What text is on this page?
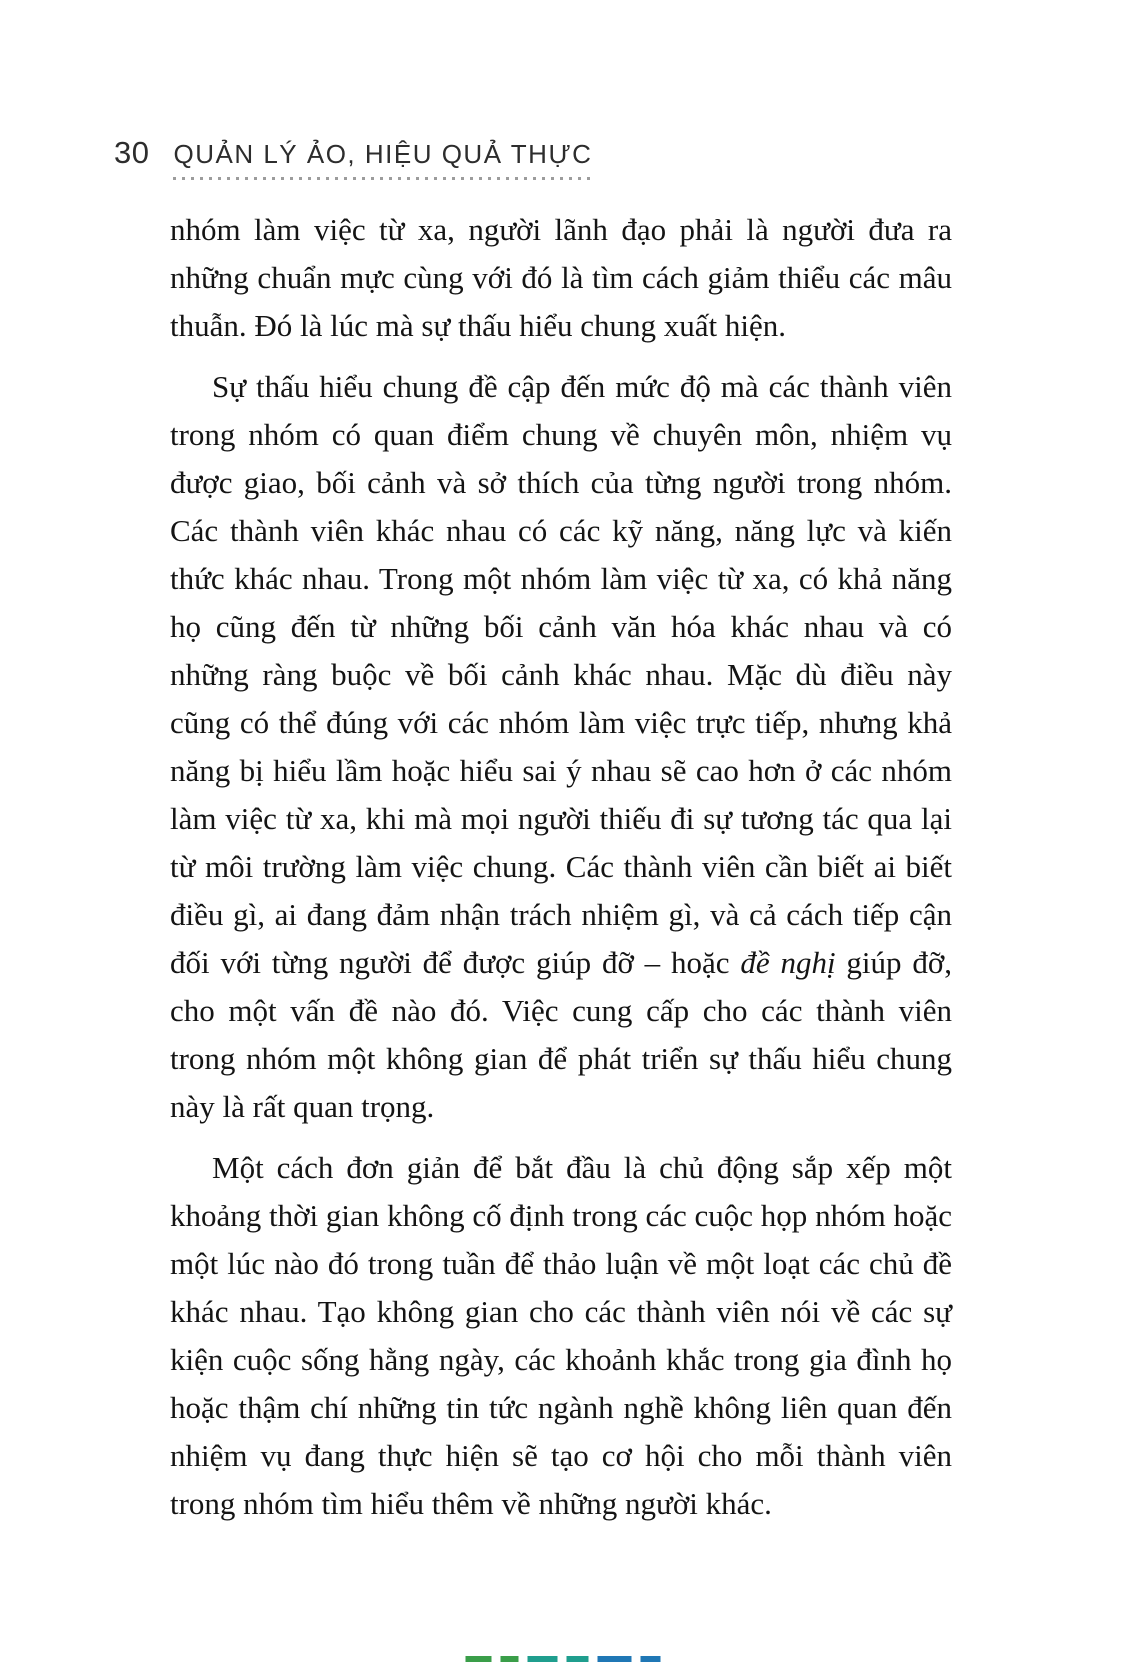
30 QUẢN LÝ ẢO, HIỆU QUẢ THỰC

nhóm làm việc từ xa, người lãnh đạo phải là người đưa ra những chuẩn mực cùng với đó là tìm cách giảm thiểu các mâu thuẫn. Đó là lúc mà sự thấu hiểu chung xuất hiện.

Sự thấu hiểu chung đề cập đến mức độ mà các thành viên trong nhóm có quan điểm chung về chuyên môn, nhiệm vụ được giao, bối cảnh và sở thích của từng người trong nhóm. Các thành viên khác nhau có các kỹ năng, năng lực và kiến thức khác nhau. Trong một nhóm làm việc từ xa, có khả năng họ cũng đến từ những bối cảnh văn hóa khác nhau và có những ràng buộc về bối cảnh khác nhau. Mặc dù điều này cũng có thể đúng với các nhóm làm việc trực tiếp, nhưng khả năng bị hiểu lầm hoặc hiểu sai ý nhau sẽ cao hơn ở các nhóm làm việc từ xa, khi mà mọi người thiếu đi sự tương tác qua lại từ môi trường làm việc chung. Các thành viên cần biết ai biết điều gì, ai đang đảm nhận trách nhiệm gì, và cả cách tiếp cận đối với từng người để được giúp đỡ – hoặc đề nghị giúp đỡ, cho một vấn đề nào đó. Việc cung cấp cho các thành viên trong nhóm một không gian để phát triển sự thấu hiểu chung này là rất quan trọng.

Một cách đơn giản để bắt đầu là chủ động sắp xếp một khoảng thời gian không cố định trong các cuộc họp nhóm hoặc một lúc nào đó trong tuần để thảo luận về một loạt các chủ đề khác nhau. Tạo không gian cho các thành viên nói về các sự kiện cuộc sống hằng ngày, các khoảnh khắc trong gia đình họ hoặc thậm chí những tin tức ngành nghề không liên quan đến nhiệm vụ đang thực hiện sẽ tạo cơ hội cho mỗi thành viên trong nhóm tìm hiểu thêm về những người khác.
